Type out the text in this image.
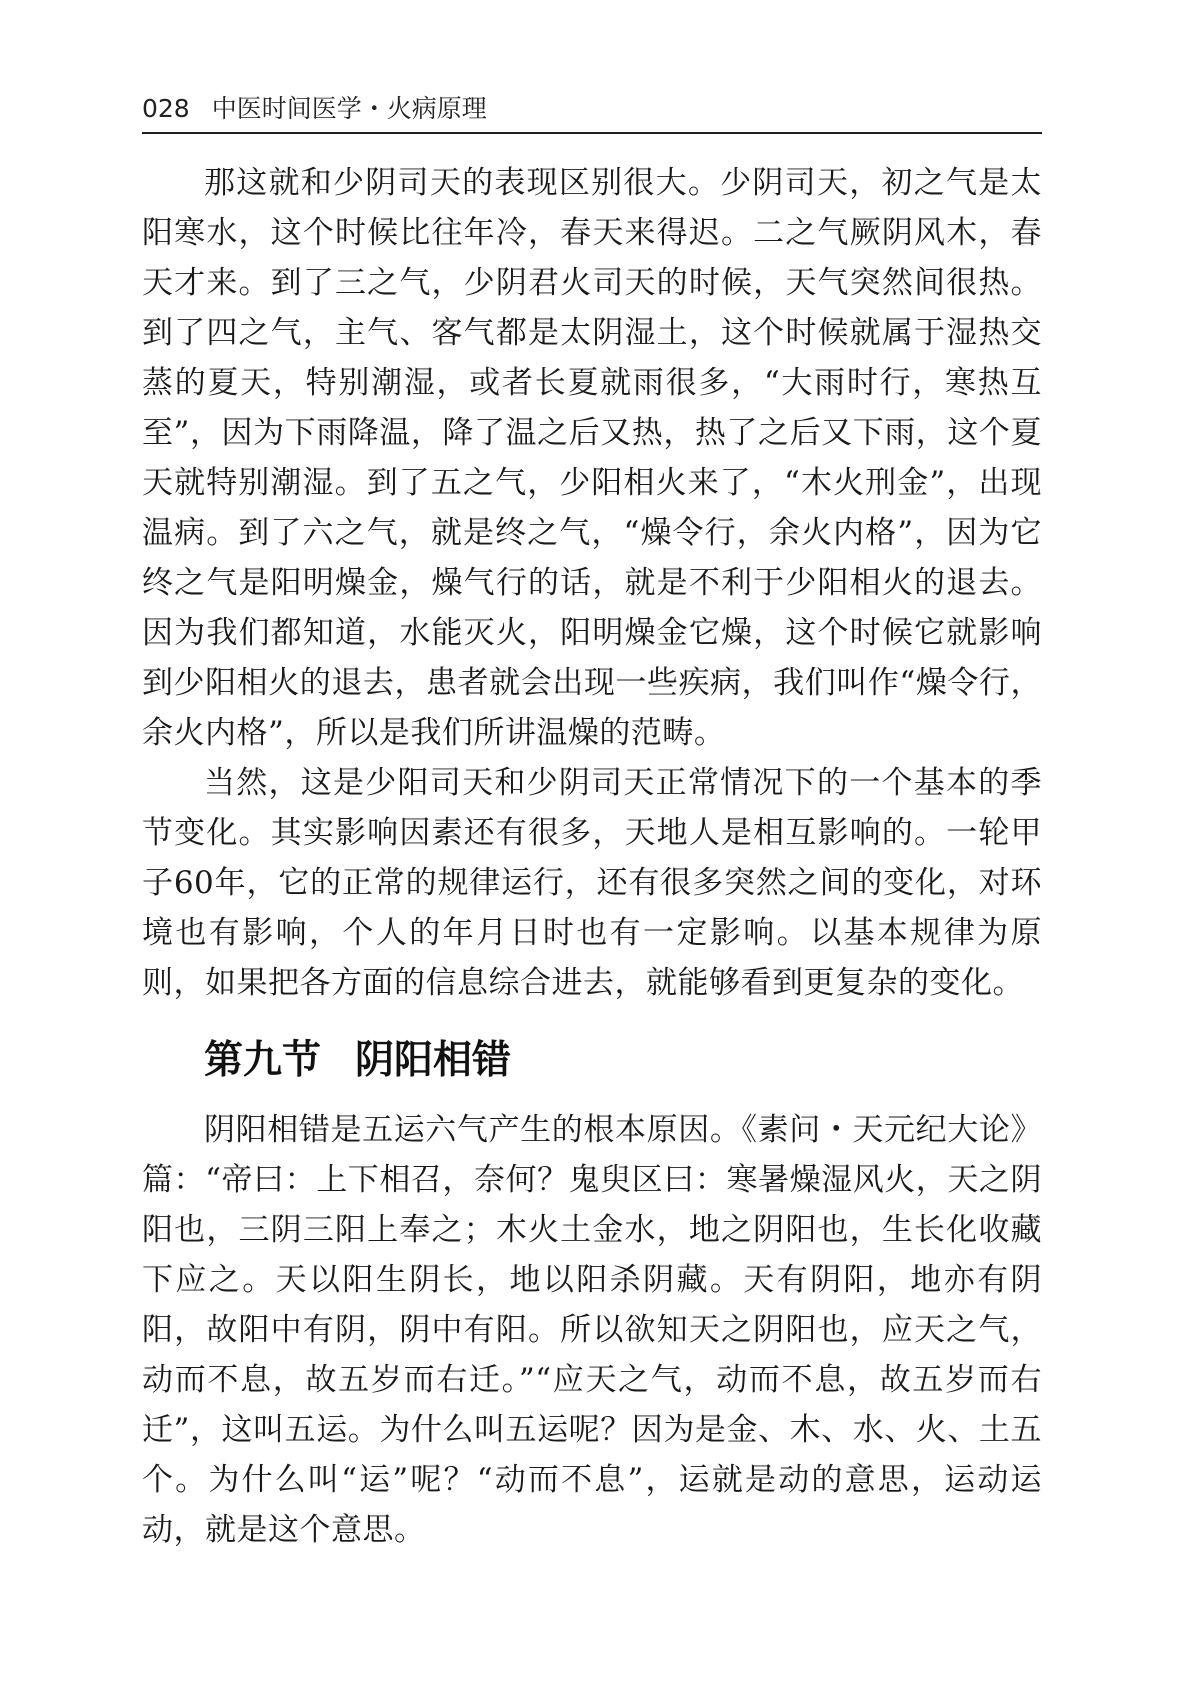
028 中医时间医学・火病原理

那这就和少阴司天的表现区别很大。少阴司天，初之气是太阳寒水，这个时候比往年冷，春天来得迟。二之气厥阴风木，春天才来。到了三之气，少阴君火司天的时候，天气突然间很热。到了四之气，主气、客气都是太阴湿土，这个时候就属于湿热交蒸的夏天，特别潮湿，或者长夏就雨很多，“大雨时行，寒热互至”，因为下雨降温，降了温之后又热，热了之后又下雨，这个夏天就特别潮湿。到了五之气，少阳相火来了，“木火刑金”，出现温病。到了六之气，就是终之气，“燥令行，余火内格”，因为它终之气是阳明燥金，燥气行的话，就是不利于少阳相火的退去。因为我们都知道，水能灭火，阳明燥金它燥，这个时候它就影响到少阳相火的退去，患者就会出现一些疾病，我们叫作“燥令行，余火内格”，所以是我们所讲温燥的范畴。

当然，这是少阳司天和少阴司天正常情况下的一个基本的季节变化。其实影响因素还有很多，天地人是相互影响的。一轮甲子60年，它的正常的规律运行，还有很多突然之间的变化，对环境也有影响，个人的年月日时也有一定影响。以基本规律为原则，如果把各方面的信息综合进去，就能够看到更复杂的变化。

第九节 阴阳相错

阴阳相错是五运六气产生的根本原因。《素问・天元纪大论》篇：“帝曰：上下相召，奈何？鬼臾区曰：寒暑燥湿风火，天之阴阳也，三阴三阳上奉之；木火土金水，地之阴阳也，生长化收藏下应之。天以阳生阴长，地以阳杀阴藏。天有阴阳，地亦有阴阳，故阳中有阴，阴中有阳。所以欲知天之阴阳也，应天之气，动而不息，故五岁而右迁。”“应天之气，动而不息，故五岁而右迁”，这叫五运。为什么叫五运呢？因为是金、木、水、火、土五个。为什么叫“运”呢？“动而不息”，运就是动的意思，运动运动，就是这个意思。
